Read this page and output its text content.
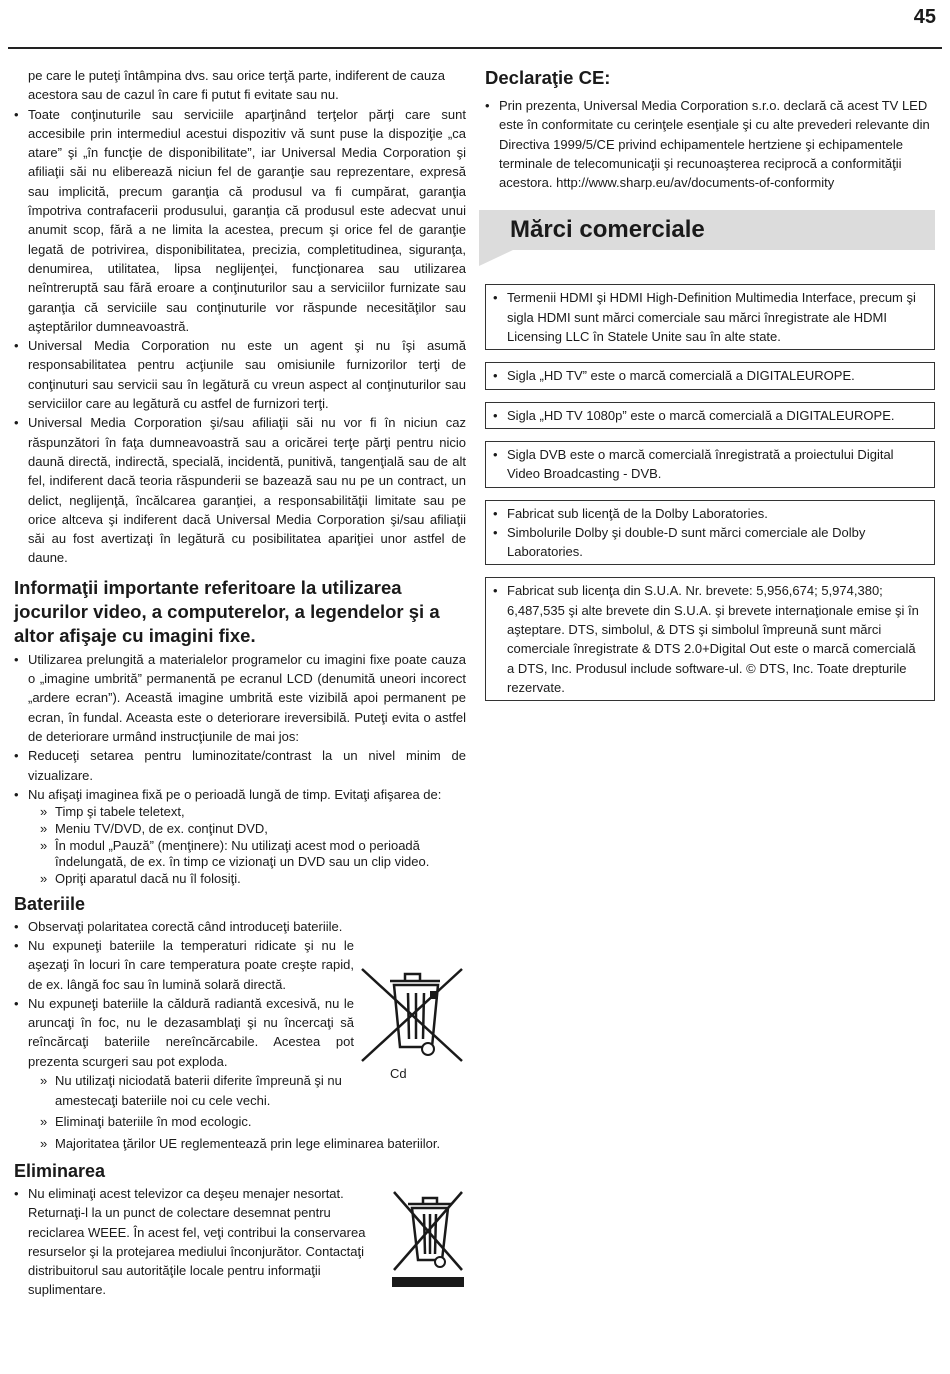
45

pe care le puteţi întâmpina dvs. sau orice terţă parte, indiferent de cauza acestora sau de cazul în care fi putut fi evitate sau nu.

• Toate conţinuturile sau serviciile aparţinând terţelor părţi care sunt accesibile prin intermediul acestui dispozitiv vă sunt puse la dispoziţie „ca atare” şi „în funcţie de disponibilitate”, iar Universal Media Corporation şi afiliaţii săi nu eliberează niciun fel de garanţie sau reprezentare, expresă sau implicită, precum garanţia că produsul va fi cumpărat, garanţia împotriva contrafacerii produsului, garanţia că produsul este adecvat unui anumit scop, fără a ne limita la acestea, precum şi orice fel de garanţie legată de potrivirea, disponibilitatea, precizia, completitudinea, siguranţa, denumirea, utilitatea, lipsa neglijenţei, funcţionarea sau utilizarea neîntreruptă sau fără eroare a conţinuturilor sau a serviciilor furnizate sau garanţia că serviciile sau conţinuturile vor răspunde necesităţilor sau aşteptărilor dumneavoastră.
• Universal Media Corporation nu este un agent şi nu îşi asumă responsabilitatea pentru acţiunile sau omisiunile furnizorilor terţi de conţinuturi sau servicii sau în legătură cu vreun aspect al conţinuturilor sau serviciilor care au legătură cu astfel de furnizori terţi.
• Universal Media Corporation şi/sau afiliaţii săi nu vor fi în niciun caz răspunzători în faţa dumneavoastră sau a oricărei terţe părţi pentru nicio daună directă, indirectă, specială, incidentă, punitivă, tangenţială sau de alt fel, indiferent dacă teoria răspunderii se bazează sau nu pe un contract, un delict, neglijenţă, încălcarea garanţiei, a responsabilităţii limitate sau pe orice altceva şi indiferent dacă Universal Media Corporation şi/sau afiliaţii săi au fost avertizaţi în legătură cu posibilitatea apariţiei unor astfel de daune.
Informaţii importante referitoare la utilizarea jocurilor video, a computerelor, a legendelor şi a altor afişaje cu imagini fixe.
• Utilizarea prelungită a materialelor programelor cu imagini fixe poate cauza o „imagine umbrită” permanentă pe ecranul LCD (denumită uneori incorect „ardere ecran”). Această imagine umbrită este vizibilă apoi permanent pe ecran, în fundal. Aceasta este o deteriorare ireversibilă. Puteţi evita o astfel de deteriorare urmând instrucţiunile de mai jos:
• Reduceţi setarea pentru luminozitate/contrast la un nivel minim de vizualizare.
• Nu afişaţi imaginea fixă pe o perioadă lungă de timp. Evitaţi afişarea de:
» Timp şi tabele teletext,
» Meniu TV/DVD, de ex. conţinut DVD,
» În modul „Pauză” (menţinere): Nu utilizaţi acest mod o perioadă îndelungată, de ex. în timp ce vizionaţi un DVD sau un clip video.
» Opriţi aparatul dacă nu îl folosiţi.
Bateriile
• Observaţi polaritatea corectă când introduceţi bateriile.
• Nu expuneţi bateriile la temperaturi ridicate şi nu le aşezaţi în locuri în care temperatura poate creşte rapid, de ex. lângă foc sau în lumină solară directă.
• Nu expuneţi bateriile la căldură radiantă excesivă, nu le aruncaţi în foc, nu le dezasamblaţi şi nu încercaţi să reîncărcaţi bateriile nereîncărcabile. Acestea pot prezenta scurgeri sau pot exploda.
» Nu utilizaţi niciodată baterii diferite împreună şi nu amestecaţi bateriile noi cu cele vechi.
» Eliminaţi bateriile în mod ecologic.
» Majoritatea ţărilor UE reglementează prin lege eliminarea bateriilor.
Cd
Eliminarea
• Nu eliminaţi acest televizor ca deşeu menajer nesortat. Returnaţi-l la un punct de colectare desemnat pentru reciclarea WEEE. În acest fel, veţi contribui la conservarea resurselor şi la protejarea mediului înconjurător. Contactaţi distribuitorul sau autorităţile locale pentru informaţii suplimentare.
Declaraţie CE:
• Prin prezenta, Universal Media Corporation s.r.o. declară că acest TV LED este în conformitate cu cerinţele esenţiale şi cu alte prevederi relevante din Directiva 1999/5/CE privind echipamentele hertziene şi echipamentele terminale de telecomunicaţii şi recunoaşterea reciprocă a conformităţii acestora. http://www.sharp.eu/av/documents-of-conformity
Mărci comerciale
• Termenii HDMI şi HDMI High-Definition Multimedia Interface, precum şi sigla HDMI sunt mărci comerciale sau mărci înregistrate ale HDMI Licensing LLC în Statele Unite sau în alte state.
• Sigla „HD TV” este o marcă comercială a DIGITALEUROPE.
• Sigla „HD TV 1080p” este o marcă comercială a DIGITALEUROPE.
• Sigla DVB este o marcă comercială înregistrată a proiectului Digital Video Broadcasting - DVB.
• Fabricat sub licenţă de la Dolby Laboratories.
• Simbolurile Dolby şi double-D sunt mărci comerciale ale Dolby Laboratories.
• Fabricat sub licenţa din S.U.A. Nr. brevete: 5,956,674; 5,974,380; 6,487,535 şi alte brevete din S.U.A. şi brevete internaţionale emise şi în aşteptare. DTS, simbolul, & DTS şi simbolul împreună sunt mărci comerciale înregistrate & DTS 2.0+Digital Out este o marcă comercială a DTS, Inc. Produsul include software-ul. © DTS, Inc. Toate drepturile rezervate.
